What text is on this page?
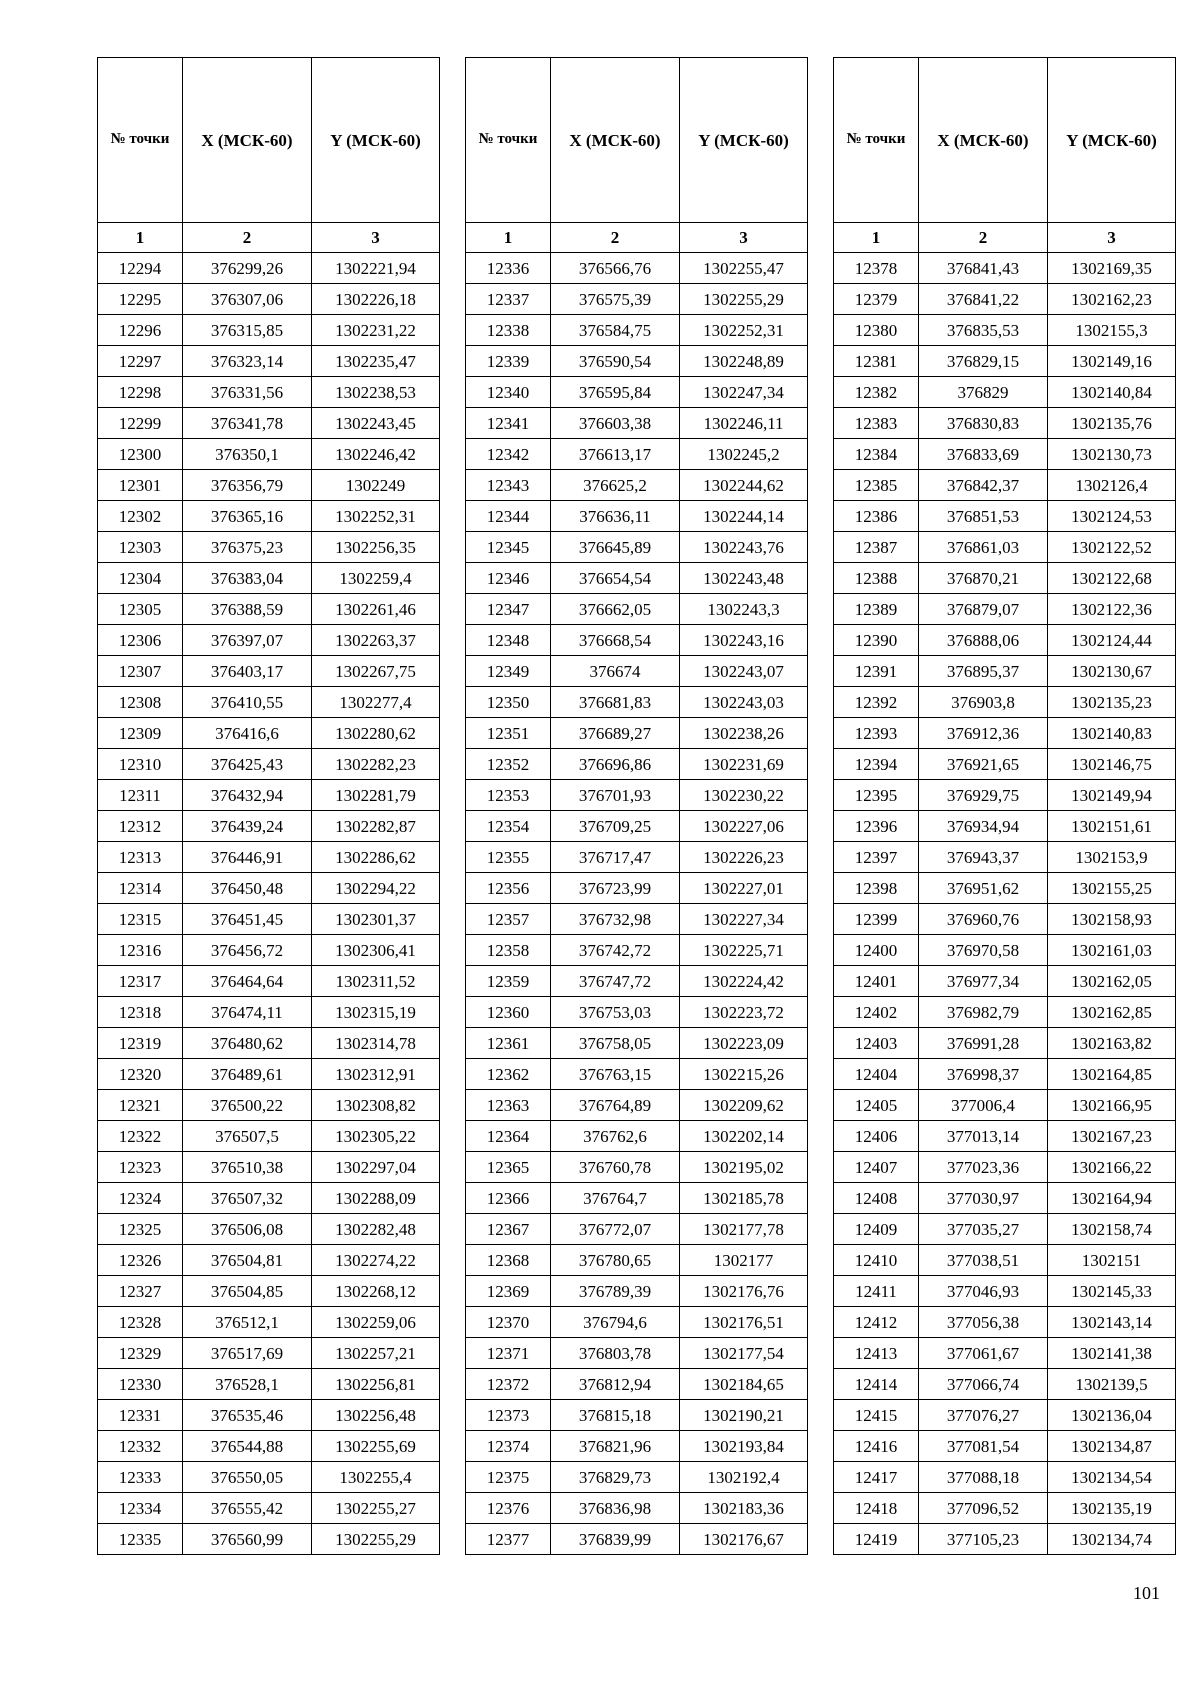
№ точки	X (МСК-60)	Y (МСК-60)
1	2	3
12294	376299,26	1302221,94
12295	376307,06	1302226,18
12296	376315,85	1302231,22
12297	376323,14	1302235,47
12298	376331,56	1302238,53
12299	376341,78	1302243,45
12300	376350,1	1302246,42
12301	376356,79	1302249
12302	376365,16	1302252,31
12303	376375,23	1302256,35
12304	376383,04	1302259,4
12305	376388,59	1302261,46
12306	376397,07	1302263,37
12307	376403,17	1302267,75
12308	376410,55	1302277,4
12309	376416,6	1302280,62
12310	376425,43	1302282,23
12311	376432,94	1302281,79
12312	376439,24	1302282,87
12313	376446,91	1302286,62
12314	376450,48	1302294,22
12315	376451,45	1302301,37
12316	376456,72	1302306,41
12317	376464,64	1302311,52
12318	376474,11	1302315,19
12319	376480,62	1302314,78
12320	376489,61	1302312,91
12321	376500,22	1302308,82
12322	376507,5	1302305,22
12323	376510,38	1302297,04
12324	376507,32	1302288,09
12325	376506,08	1302282,48
12326	376504,81	1302274,22
12327	376504,85	1302268,12
12328	376512,1	1302259,06
12329	376517,69	1302257,21
12330	376528,1	1302256,81
12331	376535,46	1302256,48
12332	376544,88	1302255,69
12333	376550,05	1302255,4
12334	376555,42	1302255,27
12335	376560,99	1302255,29
№ точки	X (МСК-60)	Y (МСК-60)
1	2	3
12336	376566,76	1302255,47
12337	376575,39	1302255,29
12338	376584,75	1302252,31
12339	376590,54	1302248,89
12340	376595,84	1302247,34
12341	376603,38	1302246,11
12342	376613,17	1302245,2
12343	376625,2	1302244,62
12344	376636,11	1302244,14
12345	376645,89	1302243,76
12346	376654,54	1302243,48
12347	376662,05	1302243,3
12348	376668,54	1302243,16
12349	376674	1302243,07
12350	376681,83	1302243,03
12351	376689,27	1302238,26
12352	376696,86	1302231,69
12353	376701,93	1302230,22
12354	376709,25	1302227,06
12355	376717,47	1302226,23
12356	376723,99	1302227,01
12357	376732,98	1302227,34
12358	376742,72	1302225,71
12359	376747,72	1302224,42
12360	376753,03	1302223,72
12361	376758,05	1302223,09
12362	376763,15	1302215,26
12363	376764,89	1302209,62
12364	376762,6	1302202,14
12365	376760,78	1302195,02
12366	376764,7	1302185,78
12367	376772,07	1302177,78
12368	376780,65	1302177
12369	376789,39	1302176,76
12370	376794,6	1302176,51
12371	376803,78	1302177,54
12372	376812,94	1302184,65
12373	376815,18	1302190,21
12374	376821,96	1302193,84
12375	376829,73	1302192,4
12376	376836,98	1302183,36
12377	376839,99	1302176,67
№ точки	X (МСК-60)	Y (МСК-60)
1	2	3
12378	376841,43	1302169,35
12379	376841,22	1302162,23
12380	376835,53	1302155,3
12381	376829,15	1302149,16
12382	376829	1302140,84
12383	376830,83	1302135,76
12384	376833,69	1302130,73
12385	376842,37	1302126,4
12386	376851,53	1302124,53
12387	376861,03	1302122,52
12388	376870,21	1302122,68
12389	376879,07	1302122,36
12390	376888,06	1302124,44
12391	376895,37	1302130,67
12392	376903,8	1302135,23
12393	376912,36	1302140,83
12394	376921,65	1302146,75
12395	376929,75	1302149,94
12396	376934,94	1302151,61
12397	376943,37	1302153,9
12398	376951,62	1302155,25
12399	376960,76	1302158,93
12400	376970,58	1302161,03
12401	376977,34	1302162,05
12402	376982,79	1302162,85
12403	376991,28	1302163,82
12404	376998,37	1302164,85
12405	377006,4	1302166,95
12406	377013,14	1302167,23
12407	377023,36	1302166,22
12408	377030,97	1302164,94
12409	377035,27	1302158,74
12410	377038,51	1302151
12411	377046,93	1302145,33
12412	377056,38	1302143,14
12413	377061,67	1302141,38
12414	377066,74	1302139,5
12415	377076,27	1302136,04
12416	377081,54	1302134,87
12417	377088,18	1302134,54
12418	377096,52	1302135,19
12419	377105,23	1302134,74
101
